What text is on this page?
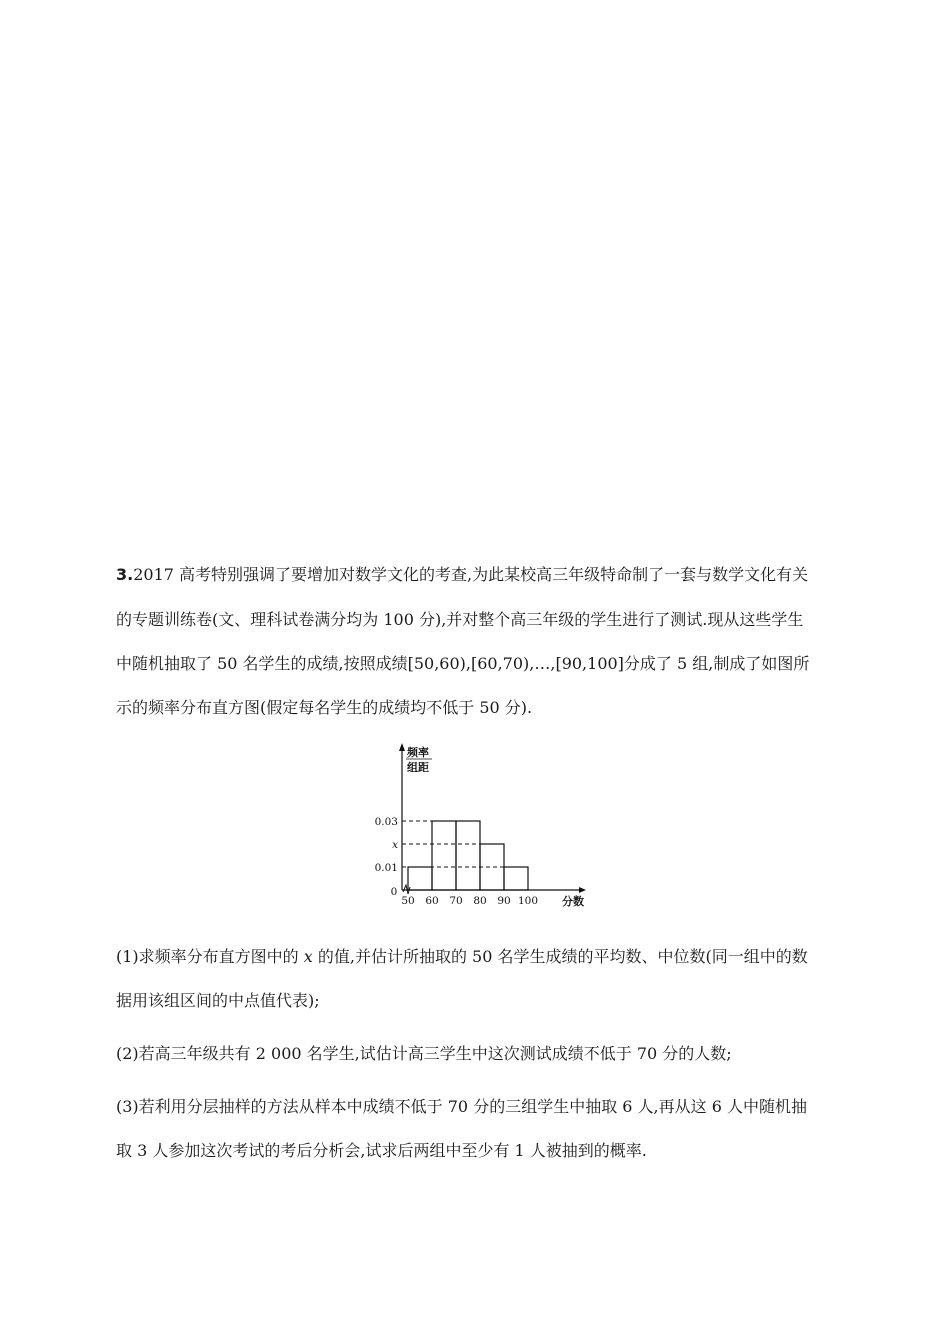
3.2017 高考特别强调了要增加对数学文化的考查,为此某校高三年级特命制了一套与数学文化有关
的专题训练卷(文、理科试卷满分均为 100 分),并对整个高三年级的学生进行了测试.现从这些学生
中随机抽取了 50 名学生的成绩,按照成绩[50,60),[60,70),…,[90,100]分成了 5 组,制成了如图所
示的频率分布直方图(假定每名学生的成绩均不低于 50 分).
频率
组距
0.03
x
0.01
0
50 60 70 80 90 100 分数
(1)求频率分布直方图中的 x 的值,并估计所抽取的 50 名学生成绩的平均数、中位数(同一组中的数
据用该组区间的中点值代表);
(2)若高三年级共有 2 000 名学生,试估计高三学生中这次测试成绩不低于 70 分的人数;
(3)若利用分层抽样的方法从样本中成绩不低于 70 分的三组学生中抽取 6 人,再从这 6 人中随机抽
取 3 人参加这次考试的考后分析会,试求后两组中至少有 1 人被抽到的概率.
